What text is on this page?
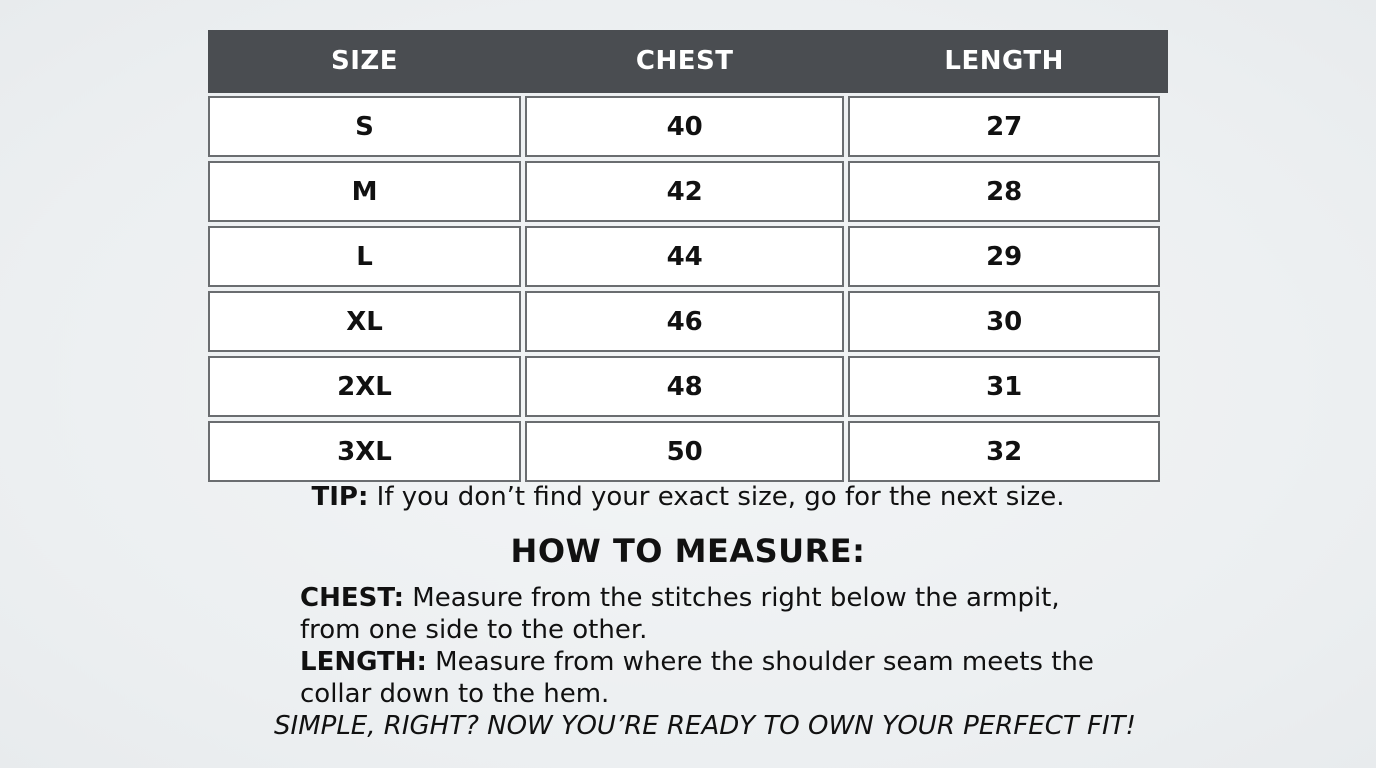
SIZE	CHEST	LENGTH
S	40	27
M	42	28
L	44	29
XL	46	30
2XL	48	31
3XL	50	32
TIP: If you don’t find your exact size, go for the next size.
HOW TO MEASURE:
CHEST: Measure from the stitches right below the armpit,
from one side to the other.
LENGTH: Measure from where the shoulder seam meets the
collar down to the hem.
SIMPLE, RIGHT? NOW YOU’RE READY TO OWN YOUR PERFECT FIT!
